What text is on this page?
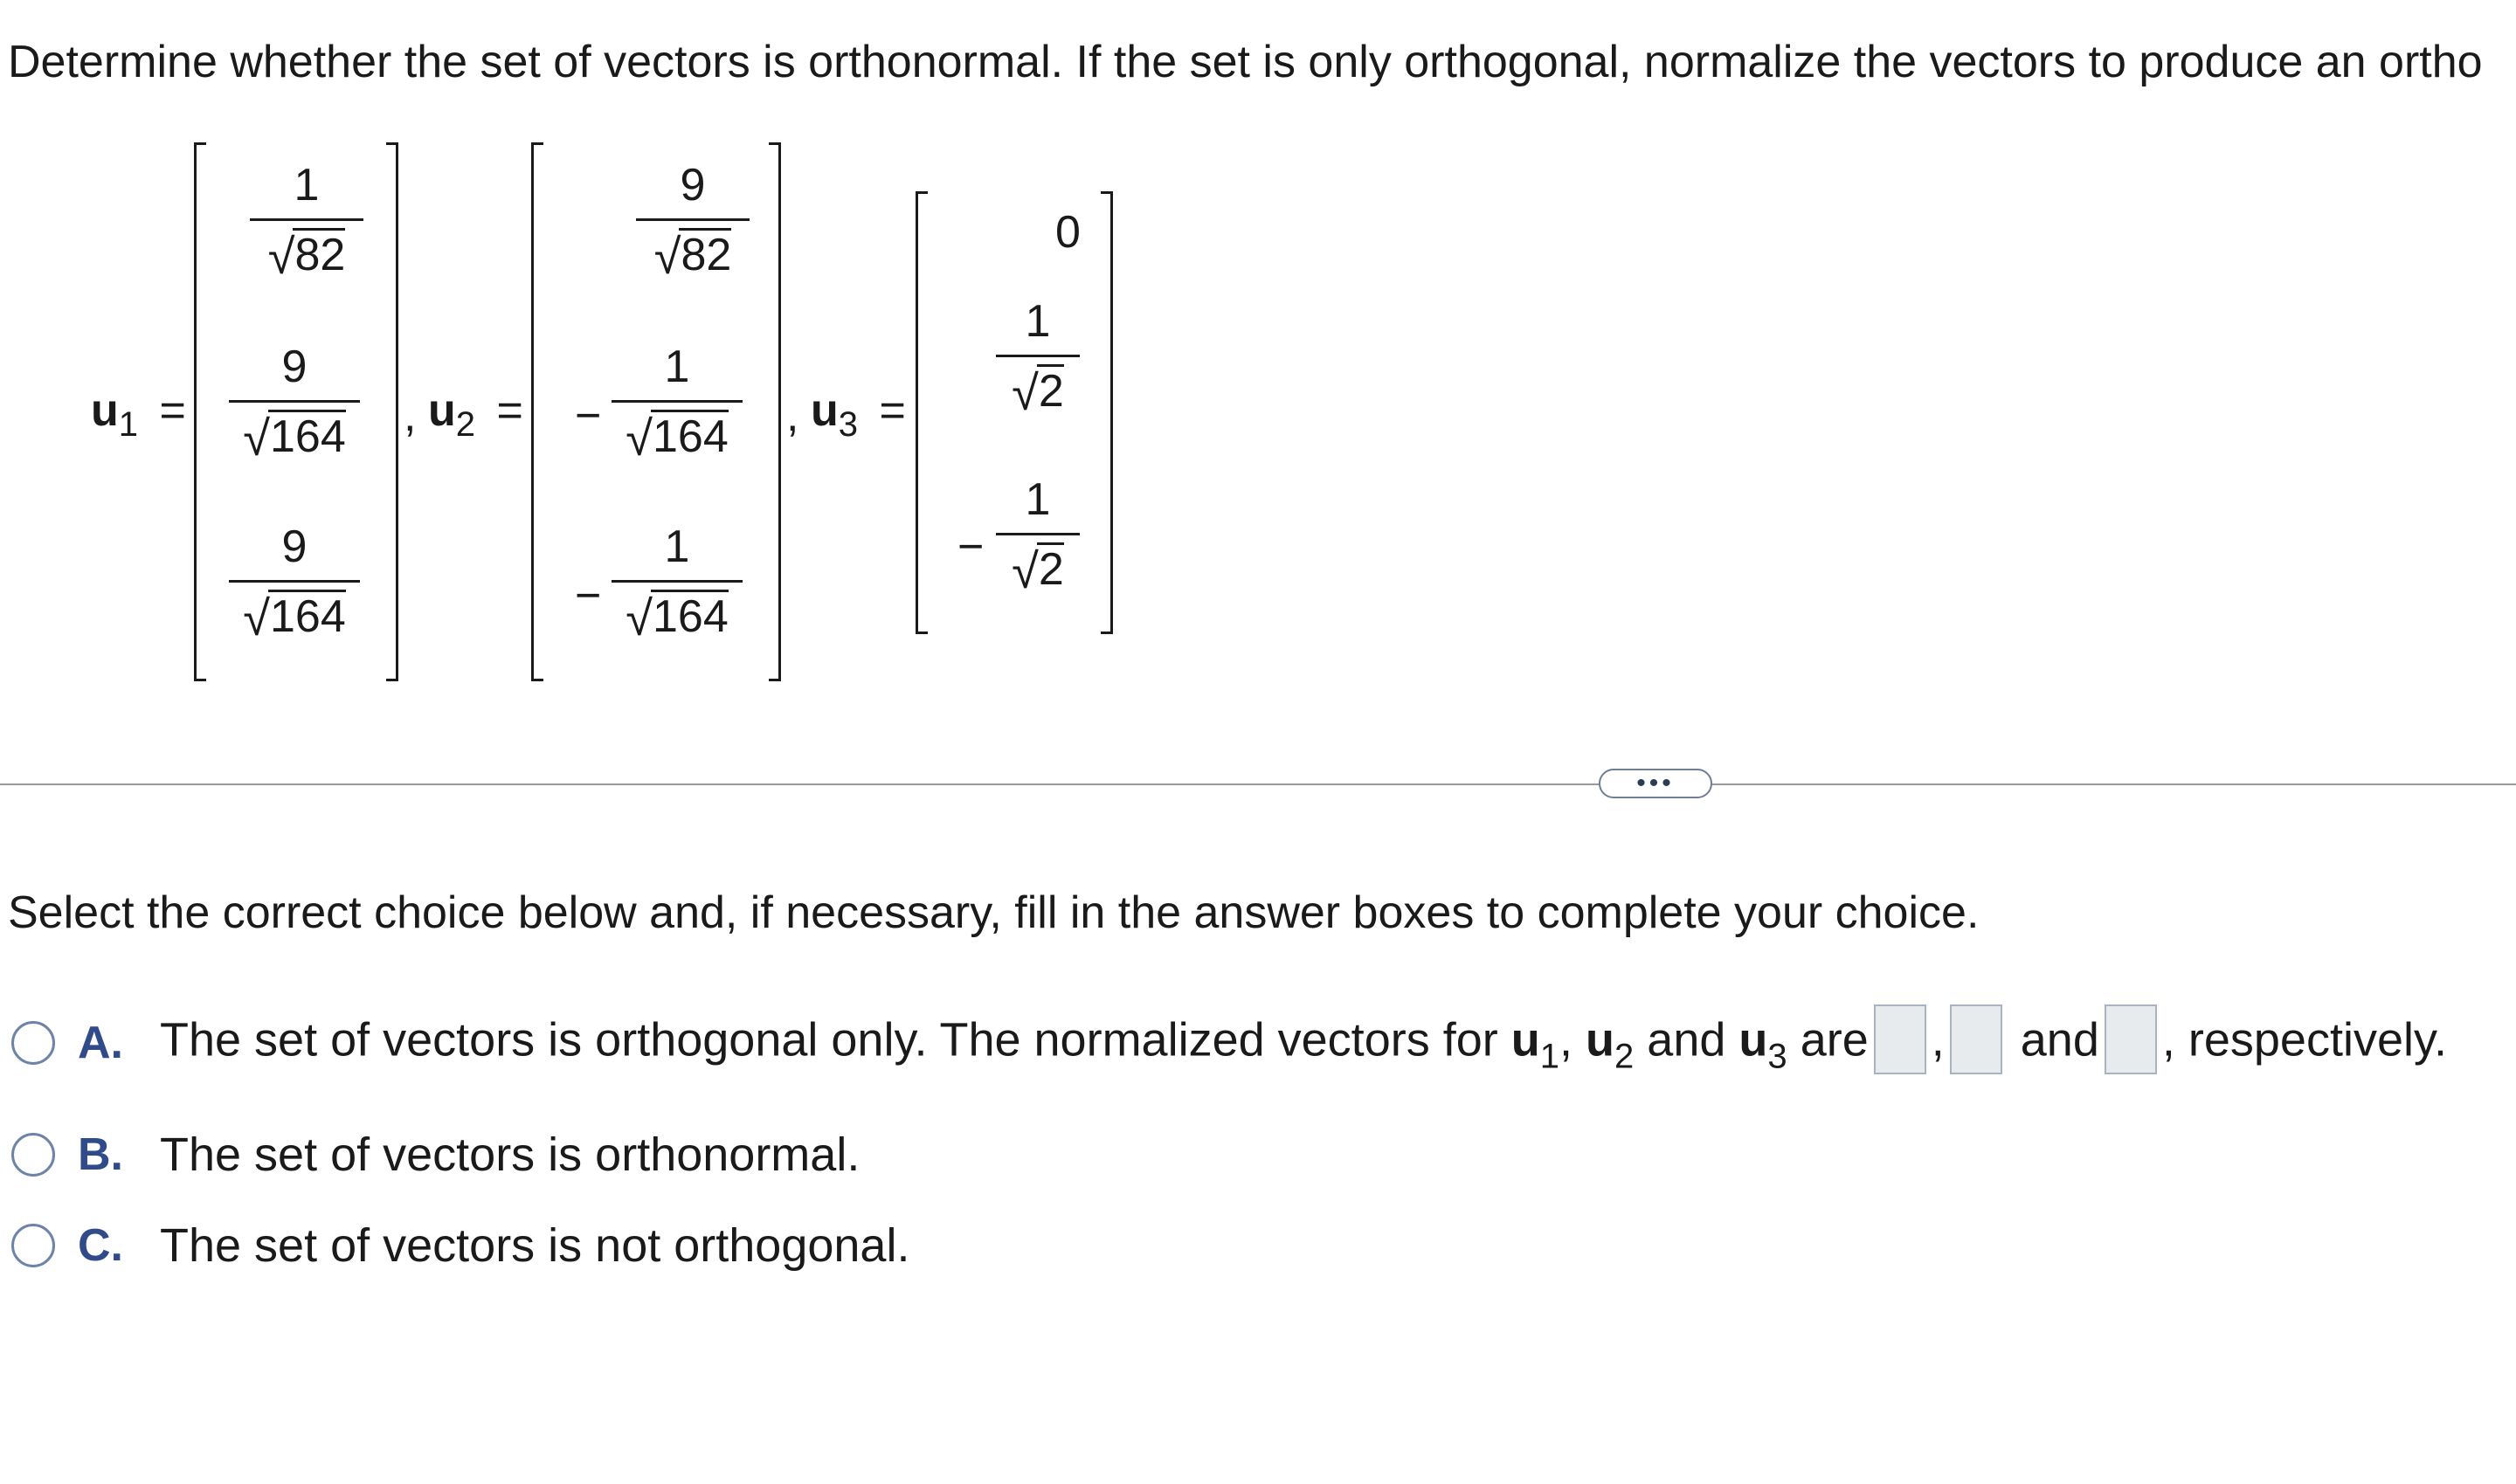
Determine whether the set of vectors is orthonormal. If the set is only orthogonal, normalize the vectors to produce an ortho
$u_1$ =
1
√ 82
9
√ 164
9
√ 164
, $u_2$ =
9
√ 82
−
1
√ 164
−
1
√ 164
, $u_3$ =
0
1
√ 2
−
1
√ 2
•••
Select the correct choice below and, if necessary, fill in the answer boxes to complete your choice.
A. The set of vectors is orthogonal only. The normalized vectors for $u_1$, $u_2$ and $u_3$ are , and , respectively.
B. The set of vectors is orthonormal.
C. The set of vectors is not orthogonal.
